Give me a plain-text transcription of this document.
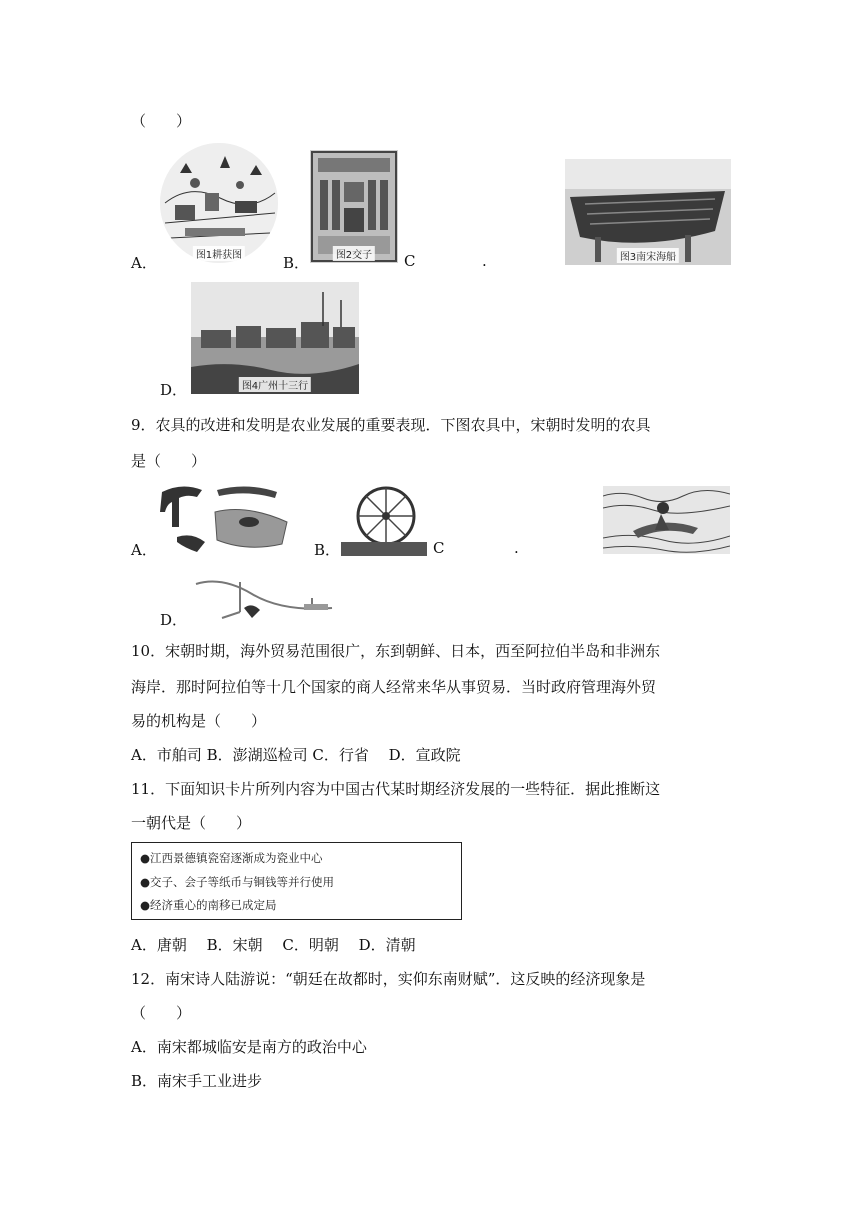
（　　）
A．	图1耕获图	B．	图2交子 C	.	图3南宋海船
D．	图4广州十三行
9．农具的改进和发明是农业发展的重要表现．下图农具中，宋朝时发明的农具
是（　　）
A．	B．	C	.
D．
10．宋朝时期，海外贸易范围很广，东到朝鲜、日本，西至阿拉伯半岛和非洲东
海岸．那时阿拉伯等十几个国家的商人经常来华从事贸易．当时政府管理海外贸
易的机构是（　　）
A．市舶司 B．澎湖巡检司 C．行省　 D．宣政院
11．下面知识卡片所列内容为中国古代某时期经济发展的一些特征．据此推断这
一朝代是（　　）
●江西景德镇瓷窑逐渐成为瓷业中心
●交子、会子等纸币与铜钱等并行使用
●经济重心的南移已成定局
A．唐朝　 B．宋朝　 C．明朝　 D．清朝
12．南宋诗人陆游说：“朝廷在故都时，实仰东南财赋”．这反映的经济现象是
（　　）
A．南宋都城临安是南方的政治中心
B．南宋手工业进步
